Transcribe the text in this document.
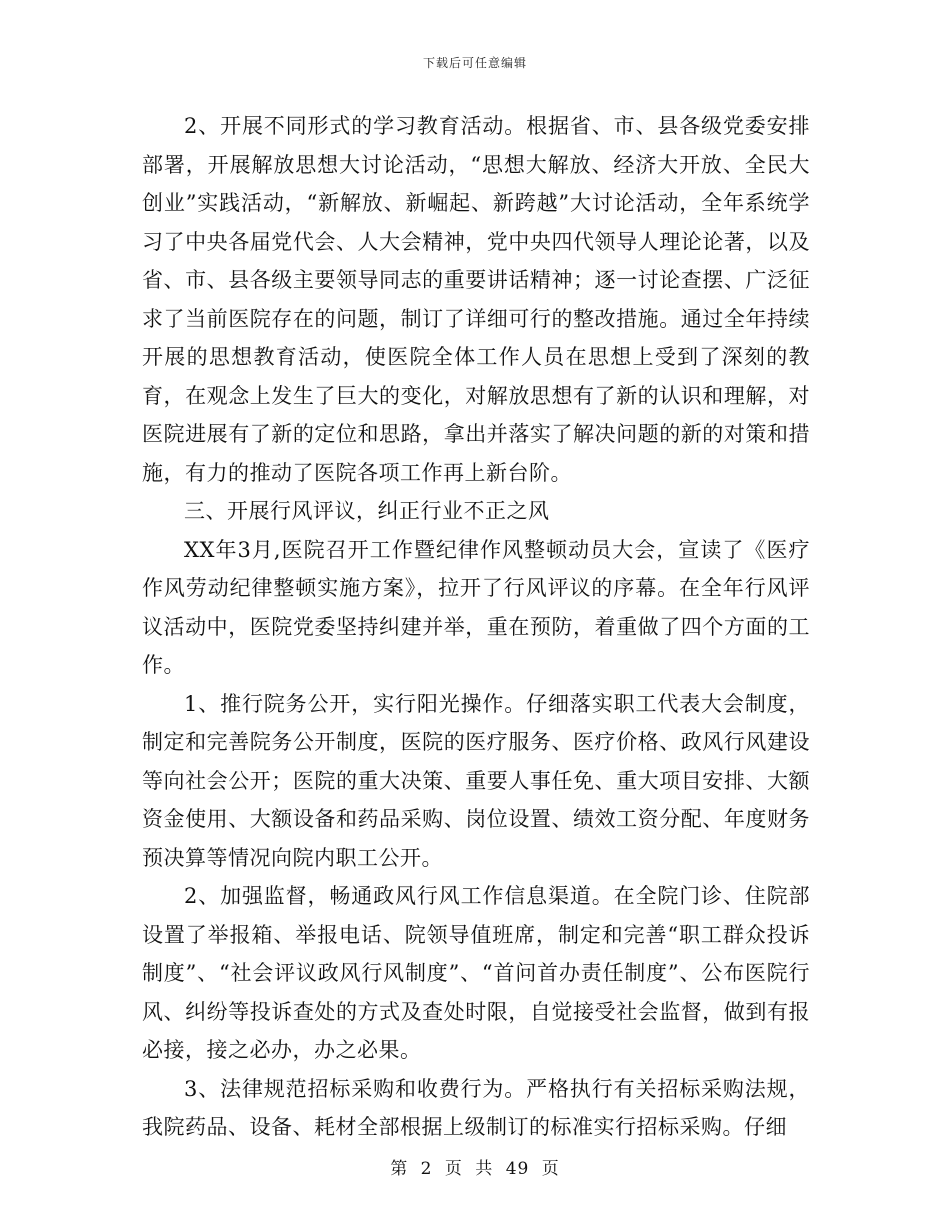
下载后可任意编辑

2、开展不同形式的学习教育活动。根据省、市、县各级党委安排部署，开展解放思想大讨论活动，“思想大解放、经济大开放、全民大创业”实践活动，“新解放、新崛起、新跨越”大讨论活动，全年系统学习了中央各届党代会、人大会精神，党中央四代领导人理论论著，以及省、市、县各级主要领导同志的重要讲话精神；逐一讨论查摆、广泛征求了当前医院存在的问题，制订了详细可行的整改措施。通过全年持续开展的思想教育活动，使医院全体工作人员在思想上受到了深刻的教育，在观念上发生了巨大的变化，对解放思想有了新的认识和理解，对医院进展有了新的定位和思路，拿出并落实了解决问题的新的对策和措施，有力的推动了医院各项工作再上新台阶。

三、开展行风评议，纠正行业不正之风

XX年3月,医院召开工作暨纪律作风整顿动员大会，宣读了《医疗作风劳动纪律整顿实施方案》，拉开了行风评议的序幕。在全年行风评议活动中，医院党委坚持纠建并举，重在预防，着重做了四个方面的工作。

1、推行院务公开，实行阳光操作。仔细落实职工代表大会制度，制定和完善院务公开制度，医院的医疗服务、医疗价格、政风行风建设等向社会公开；医院的重大决策、重要人事任免、重大项目安排、大额资金使用、大额设备和药品采购、岗位设置、绩效工资分配、年度财务预决算等情况向院内职工公开。

2、加强监督，畅通政风行风工作信息渠道。在全院门诊、住院部设置了举报箱、举报电话、院领导值班席，制定和完善“职工群众投诉制度”、“社会评议政风行风制度”、“首问首办责任制度”、公布医院行风、纠纷等投诉查处的方式及查处时限，自觉接受社会监督，做到有报必接，接之必办，办之必果。

3、法律规范招标采购和收费行为。严格执行有关招标采购法规，我院药品、设备、耗材全部根据上级制订的标准实行招标采购。仔细

第 2 页 共 49 页
